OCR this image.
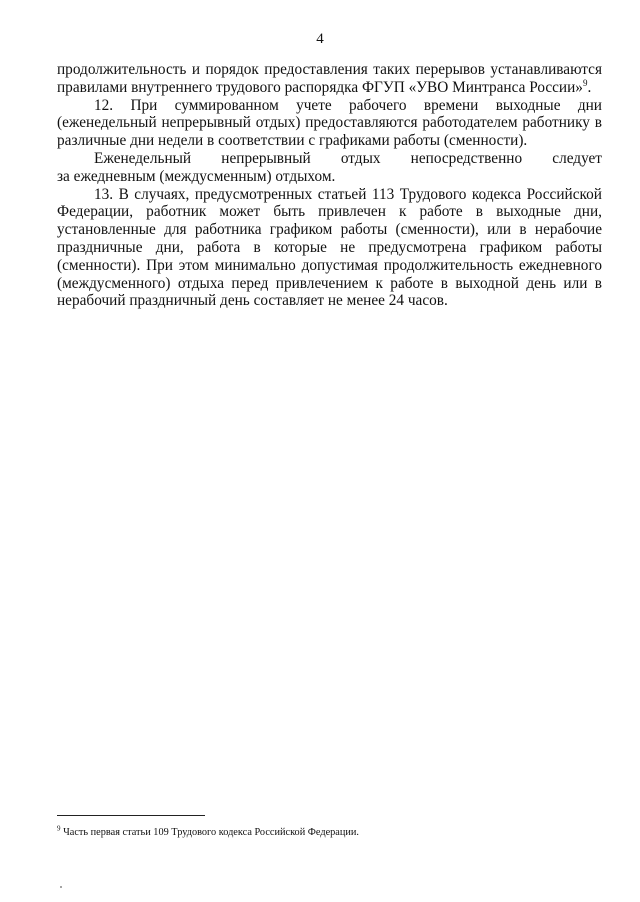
4

продолжительность и порядок предоставления таких перерывов устанавливаются правилами внутреннего трудового распорядка ФГУП «УВО Минтранса России»$^9$.

12. При суммированном учете рабочего времени выходные дни (еженедельный непрерывный отдых) предоставляются работодателем работнику в различные дни недели в соответствии с графиками работы (сменности).

Еженедельный непрерывный отдых непосредственно следует

за ежедневным (междусменным) отдыхом.

13. В случаях, предусмотренных статьей 113 Трудового кодекса Российской Федерации, работник может быть привлечен к работе в выходные дни, установленные для работника графиком работы (сменности), или в нерабочие праздничные дни, работа в которые не предусмотрена графиком работы (сменности). При этом минимально допустимая продолжительность ежедневного (междусменного) отдыха перед привлечением к работе в выходной день или в нерабочий праздничный день составляет не менее 24 часов.

$^9$ Часть первая статьи 109 Трудового кодекса Российской Федерации.
